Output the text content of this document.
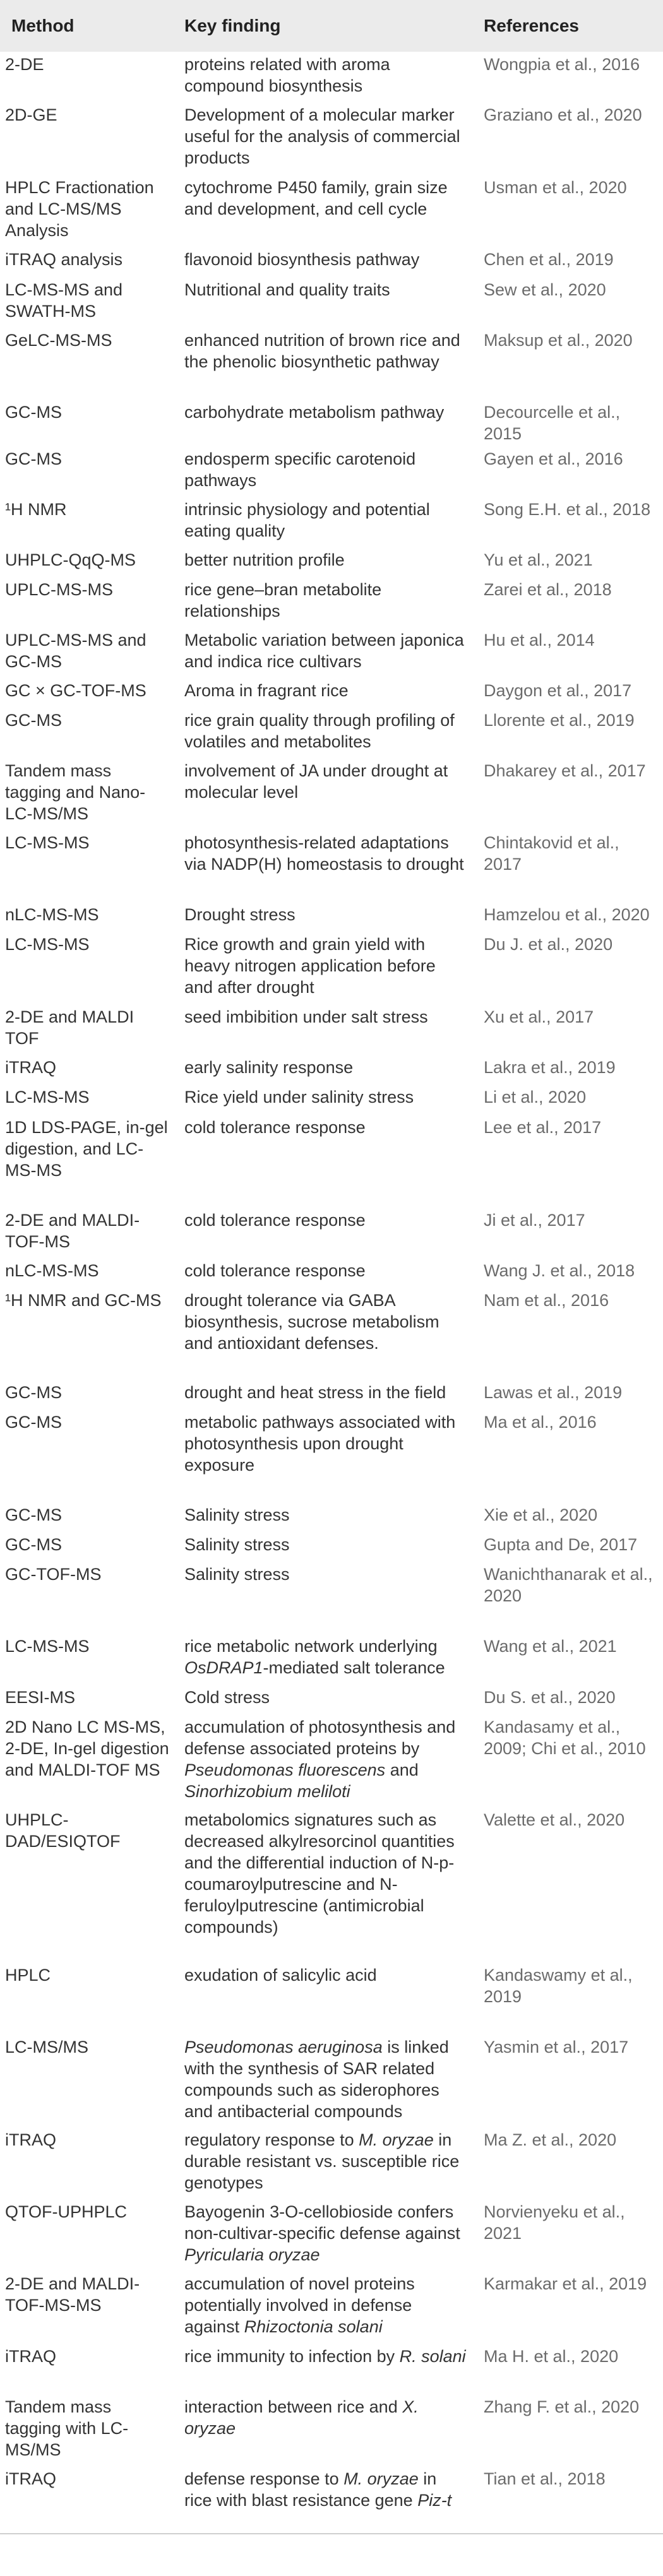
Method	Key finding	References
2-DE	proteins related with aroma compound biosynthesis	Wongpia et al., 2016
2D-GE	Development of a molecular marker useful for the analysis of commercial products	Graziano et al., 2020
HPLC Fractionation and LC-MS/MS Analysis	cytochrome P450 family, grain size and development, and cell cycle	Usman et al., 2020
iTRAQ analysis	flavonoid biosynthesis pathway	Chen et al., 2019
LC-MS-MS and SWATH-MS	Nutritional and quality traits	Sew et al., 2020
GeLC-MS-MS	enhanced nutrition of brown rice and the phenolic biosynthetic pathway	Maksup et al., 2020
GC-MS	carbohydrate metabolism pathway	Decourcelle et al., 2015
GC-MS	endosperm specific carotenoid pathways	Gayen et al., 2016
¹H NMR	intrinsic physiology and potential eating quality	Song E.H. et al., 2018
UHPLC-QqQ-MS	better nutrition profile	Yu et al., 2021
UPLC-MS-MS	rice gene–bran metabolite relationships	Zarei et al., 2018
UPLC-MS-MS and GC-MS	Metabolic variation between japonica and indica rice cultivars	Hu et al., 2014
GC × GC-TOF-MS	Aroma in fragrant rice	Daygon et al., 2017
GC-MS	rice grain quality through profiling of volatiles and metabolites	Llorente et al., 2019
Tandem mass tagging and Nano-LC-MS/MS	involvement of JA under drought at molecular level	Dhakarey et al., 2017
LC-MS-MS	photosynthesis-related adaptations via NADP(H) homeostasis to drought	Chintakovid et al., 2017
nLC-MS-MS	Drought stress	Hamzelou et al., 2020
LC-MS-MS	Rice growth and grain yield with heavy nitrogen application before and after drought	Du J. et al., 2020
2-DE and MALDI TOF	seed imbibition under salt stress	Xu et al., 2017
iTRAQ	early salinity response	Lakra et al., 2019
LC-MS-MS	Rice yield under salinity stress	Li et al., 2020
1D LDS-PAGE, in-gel digestion, and LC-MS-MS	cold tolerance response	Lee et al., 2017
2-DE and MALDI-TOF-MS	cold tolerance response	Ji et al., 2017
nLC-MS-MS	cold tolerance response	Wang J. et al., 2018
¹H NMR and GC-MS	drought tolerance via GABA biosynthesis, sucrose metabolism and antioxidant defenses.	Nam et al., 2016
GC-MS	drought and heat stress in the field	Lawas et al., 2019
GC-MS	metabolic pathways associated with photosynthesis upon drought exposure	Ma et al., 2016
GC-MS	Salinity stress	Xie et al., 2020
GC-MS	Salinity stress	Gupta and De, 2017
GC-TOF-MS	Salinity stress	Wanichthanarak et al., 2020
LC-MS-MS	rice metabolic network underlying OsDRAP1-mediated salt tolerance	Wang et al., 2021
EESI-MS	Cold stress	Du S. et al., 2020
2D Nano LC MS-MS, 2-DE, In-gel digestion and MALDI-TOF MS	accumulation of photosynthesis and defense associated proteins by Pseudomonas fluorescens and Sinorhizobium meliloti	Kandasamy et al., 2009; Chi et al., 2010
UHPLC-DAD/ESIQTOF	metabolomics signatures such as decreased alkylresorcinol quantities and the differential induction of N-p-coumaroylputrescine and N-feruloylputrescine (antimicrobial compounds)	Valette et al., 2020
HPLC	exudation of salicylic acid	Kandaswamy et al., 2019
LC-MS/MS	Pseudomonas aeruginosa is linked with the synthesis of SAR related compounds such as siderophores and antibacterial compounds	Yasmin et al., 2017
iTRAQ	regulatory response to M. oryzae in durable resistant vs. susceptible rice genotypes	Ma Z. et al., 2020
QTOF-UPHPLC	Bayogenin 3-O-cellobioside confers non-cultivar-specific defense against Pyricularia oryzae	Norvienyeku et al., 2021
2-DE and MALDI-TOF-MS-MS	accumulation of novel proteins potentially involved in defense against Rhizoctonia solani	Karmakar et al., 2019
iTRAQ	rice immunity to infection by R. solani	Ma H. et al., 2020
Tandem mass tagging with LC-MS/MS	interaction between rice and X. oryzae	Zhang F. et al., 2020
iTRAQ	defense response to M. oryzae in rice with blast resistance gene Piz-t	Tian et al., 2018
